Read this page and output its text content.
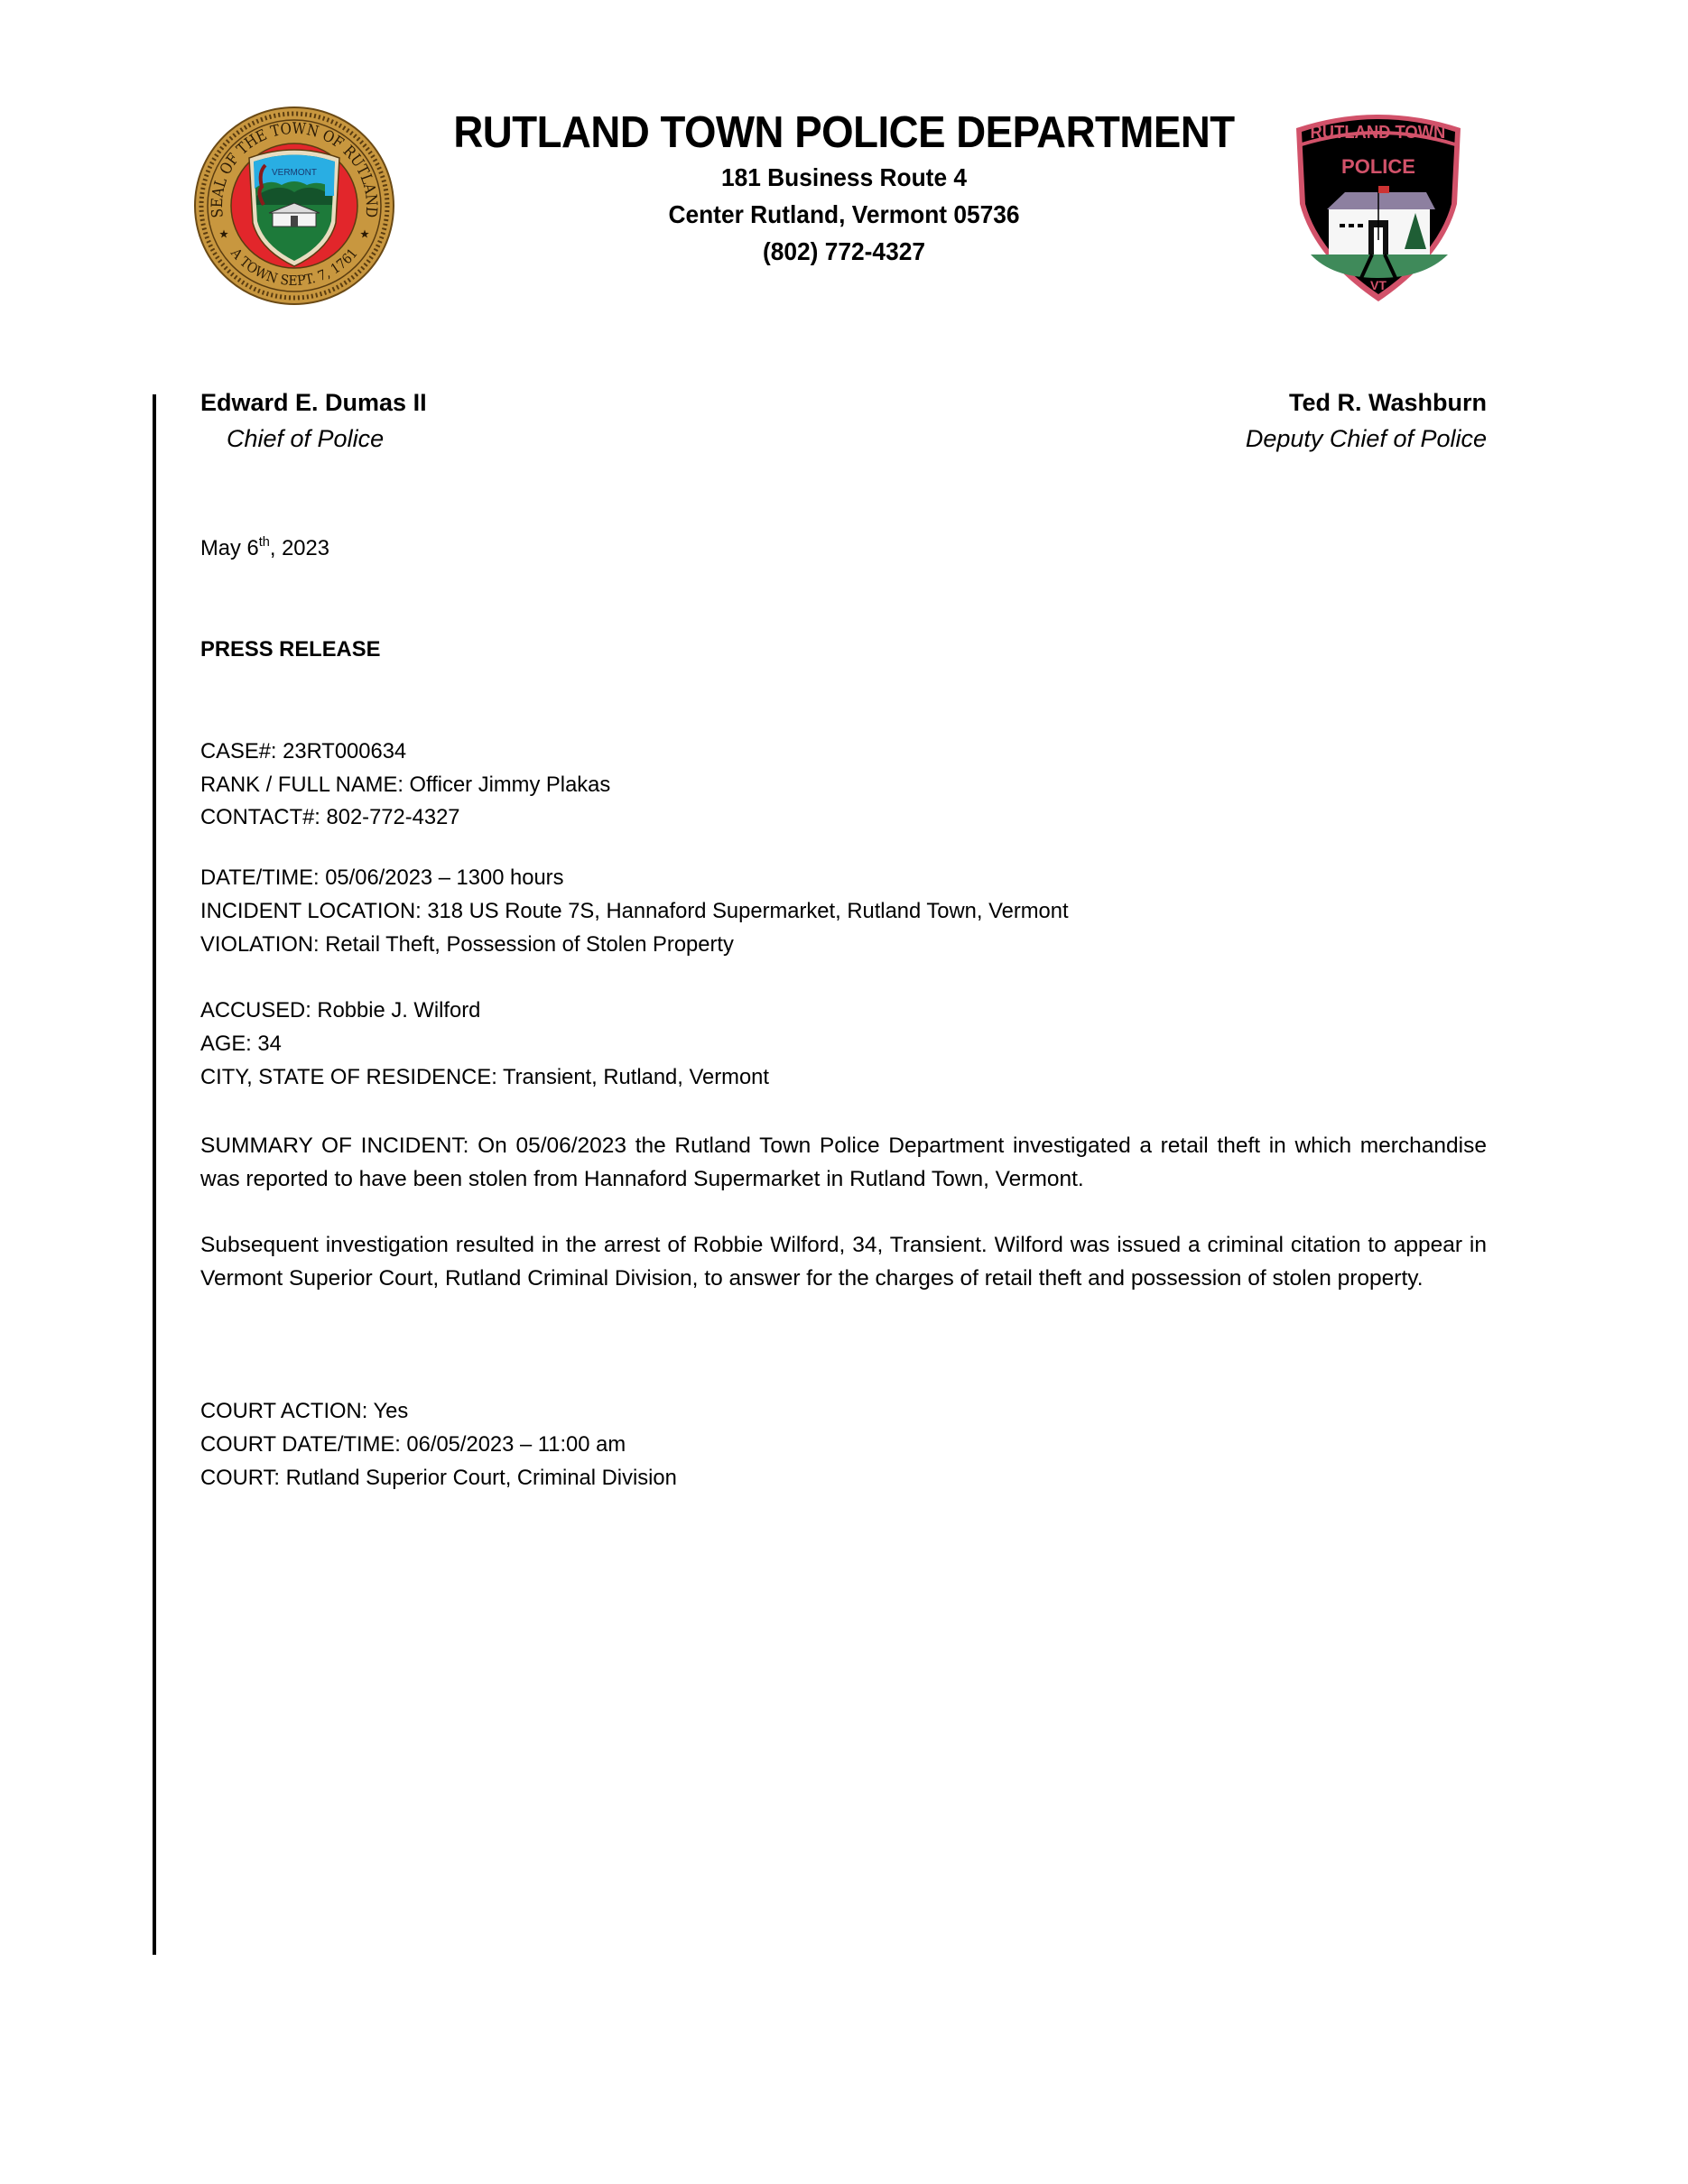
SEAL OF THE TOWN OF RUTLAND
A TOWN SEPT. 7, 1761
VERMONT
RUTLAND TOWN POLICE DEPARTMENT
181 Business Route 4
Center Rutland, Vermont 05736
(802) 772-4327
RUTLAND TOWN
POLICE
VT
Edward E. Dumas II
Chief of Police
Ted R. Washburn
Deputy Chief of Police
May 6th, 2023
PRESS RELEASE
CASE#: 23RT000634
RANK / FULL NAME: Officer Jimmy Plakas
CONTACT#: 802-772-4327
DATE/TIME: 05/06/2023 – 1300 hours
INCIDENT LOCATION: 318 US Route 7S, Hannaford Supermarket, Rutland Town, Vermont
VIOLATION: Retail Theft, Possession of Stolen Property
ACCUSED: Robbie J. Wilford
AGE: 34
CITY, STATE OF RESIDENCE: Transient, Rutland, Vermont
SUMMARY OF INCIDENT: On 05/06/2023 the Rutland Town Police Department investigated a retail theft in which merchandise was reported to have been stolen from Hannaford Supermarket in Rutland Town, Vermont.
Subsequent investigation resulted in the arrest of Robbie Wilford, 34, Transient. Wilford was issued a criminal citation to appear in Vermont Superior Court, Rutland Criminal Division, to answer for the charges of retail theft and possession of stolen property.
COURT ACTION: Yes
COURT DATE/TIME: 06/05/2023 – 11:00 am
COURT: Rutland Superior Court, Criminal Division
